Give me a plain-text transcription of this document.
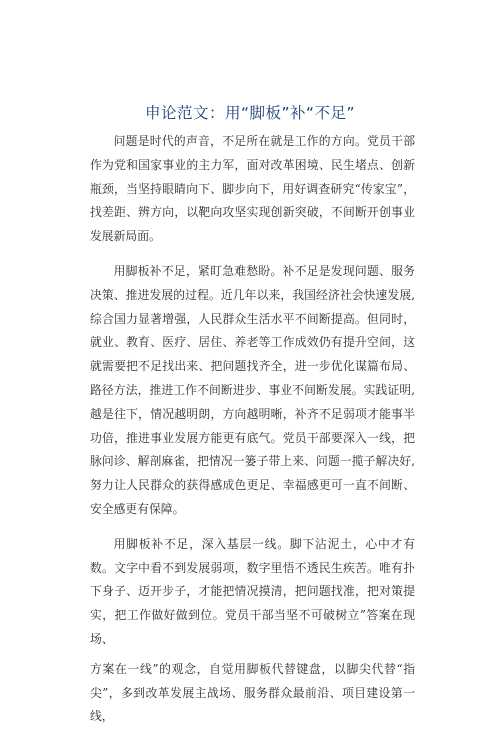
申论范文：用“脚板”补“不足”

问题是时代的声音，不足所在就是工作的方向。党员干部作为党和国家事业的主力军，面对改革困境、民生堵点、创新瓶颈，当坚持眼睛向下、脚步向下，用好调查研究“传家宝”，找差距、辨方向，以靶向攻坚实现创新突破，不间断开创事业发展新局面。

用脚板补不足，紧盯急难愁盼。补不足是发现问题、服务决策、推进发展的过程。近几年以来，我国经济社会快速发展,综合国力显著增强，人民群众生活水平不间断提高。但同时，就业、教育、医疗、居住、养老等工作成效仍有提升空间，这就需要把不足找出来、把问题找齐全，进一步优化谋篇布局、路径方法，推进工作不间断进步、事业不间断发展。实践证明,越是往下，情况越明朗，方向越明晰，补齐不足弱项才能事半功倍，推进事业发展方能更有底气。党员干部要深入一线，把脉问诊、解剖麻雀，把情况一篓子带上来、问题一揽子解决好,努力让人民群众的获得感成色更足、幸福感更可一直不间断、安全感更有保障。

用脚板补不足，深入基层一线。脚下沾泥土，心中才有数。文字中看不到发展弱项，数字里悟不透民生疾苦。唯有扑下身子、迈开步子，才能把情况摸清，把问题找准，把对策提实，把工作做好做到位。党员干部当坚不可破树立”答案在现场、

方案在一线”的观念，自觉用脚板代替键盘，以脚尖代替“指尖”，多到改革发展主战场、服务群众最前沿、项目建设第一线，
